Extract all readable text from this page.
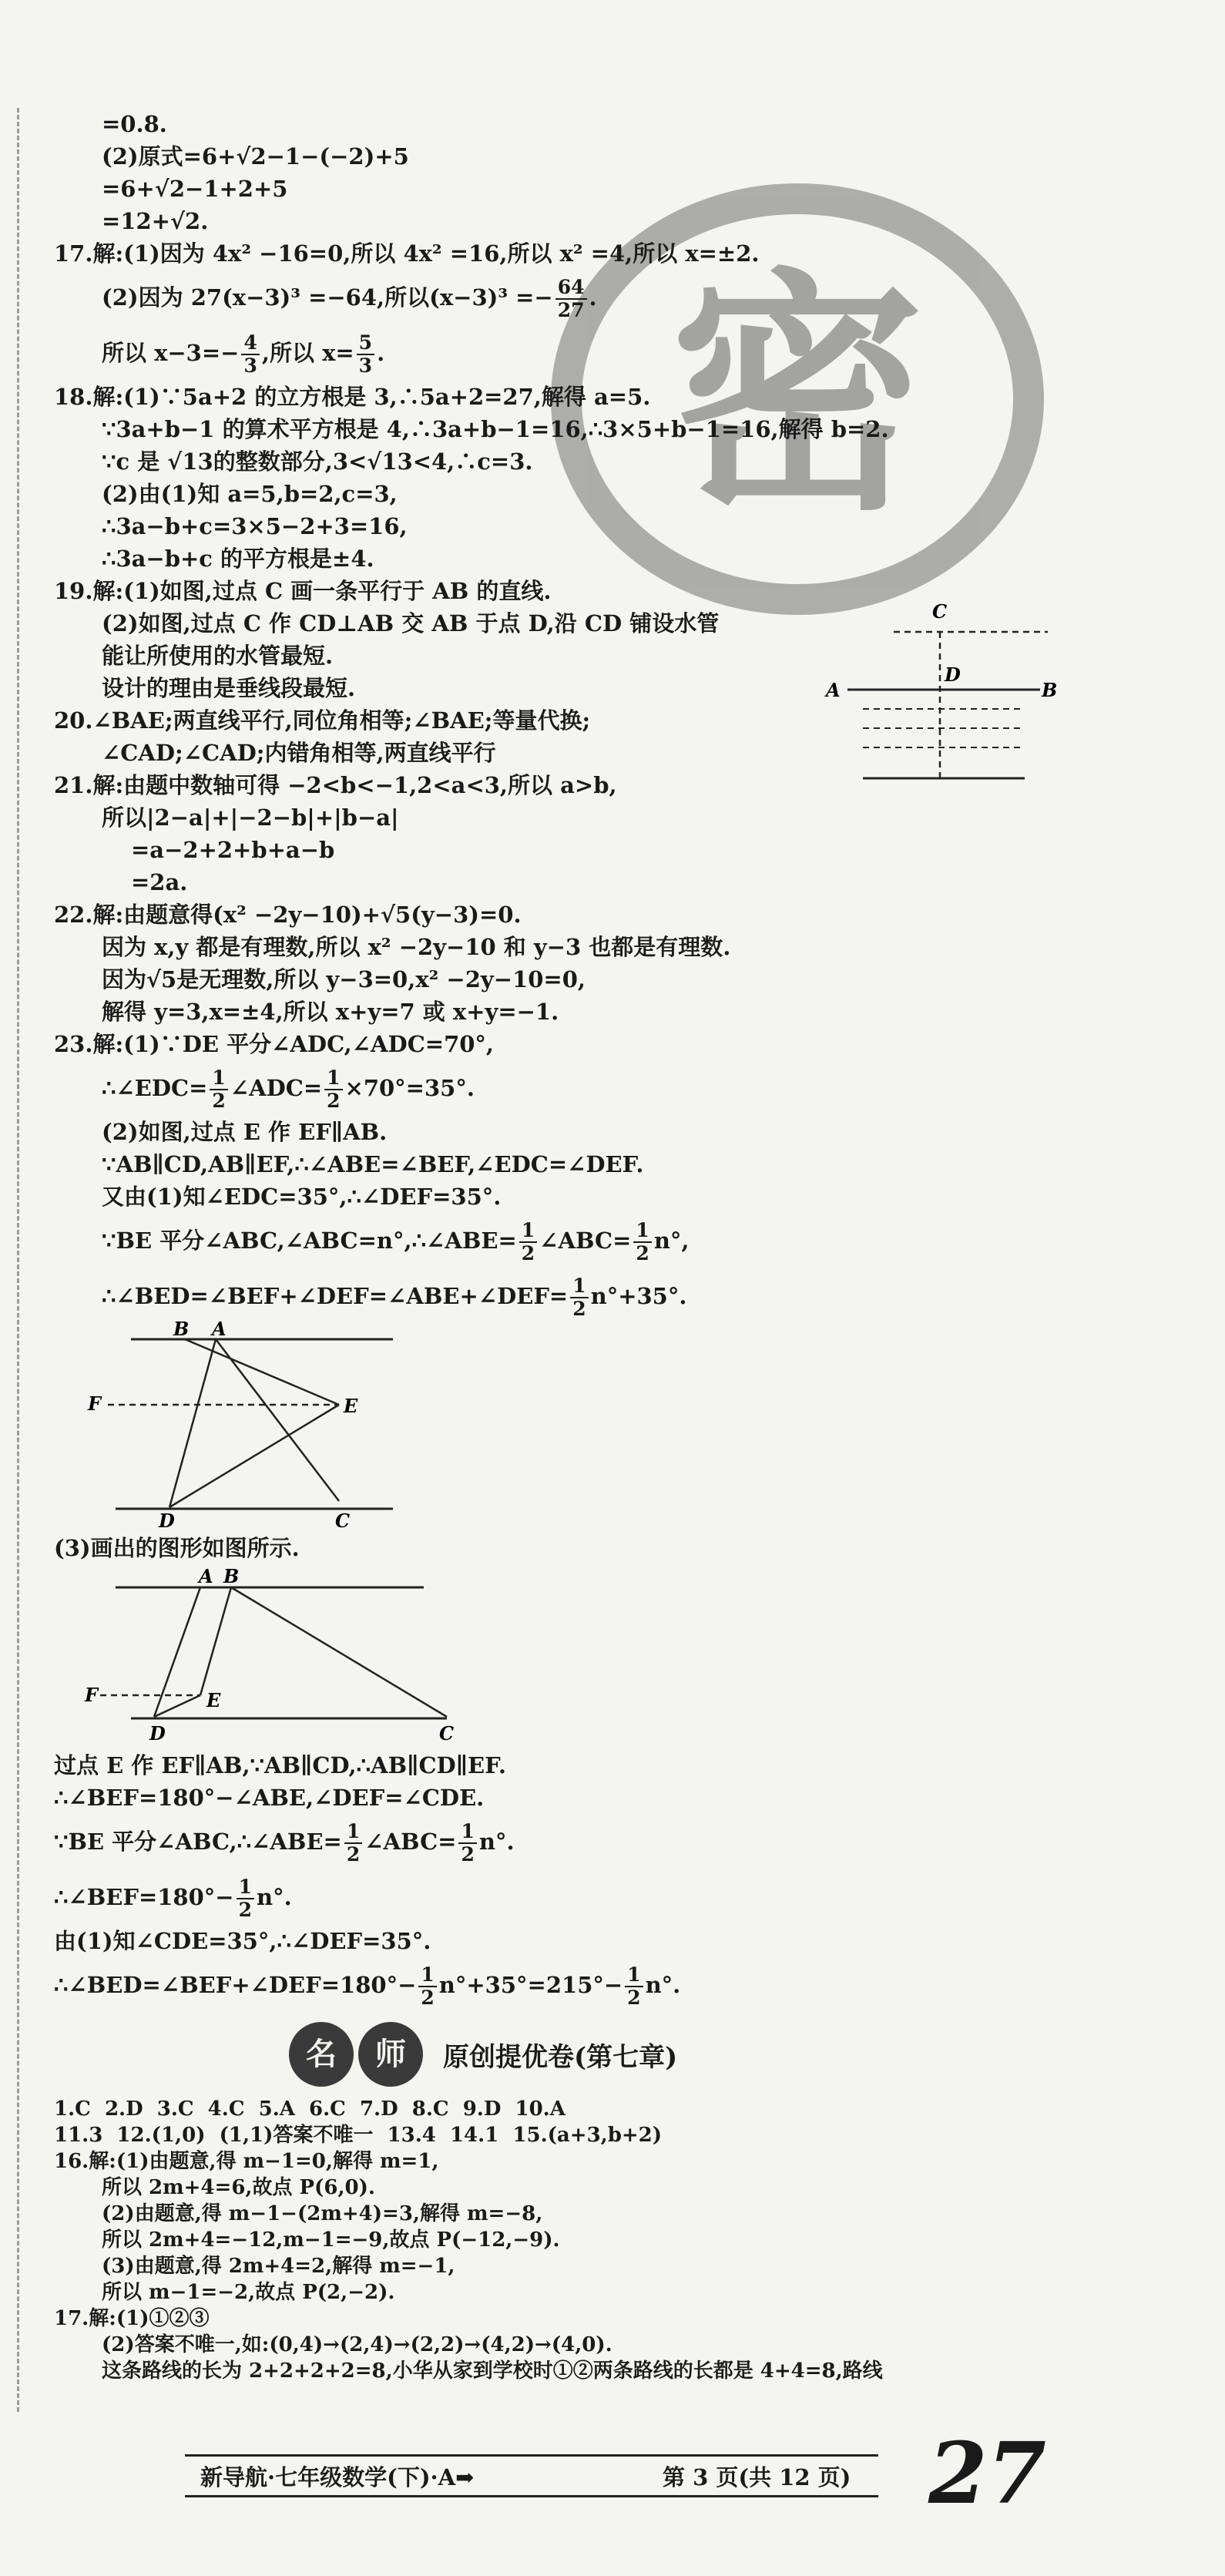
密
=0.8.
(2)原式=6+√2−1−(−2)+5
=6+√2−1+2+5
=12+√2.
17.解:(1)因为 4x² −16=0,所以 4x² =16,所以 x² =4,所以 x=±2.
(2)因为 27(x−3)³ =−64,所以$(x-3)^3 =- \frac{64}{27}$ .
所以 $x-3=- \frac{4}{3}$ ,所以 $x= \frac{5}{3}$ .
18.解:(1)∵5a+2 的立方根是 3,∴5a+2=27,解得 a=5.
∵3a+b−1 的算术平方根是 4,∴3a+b−1=16,∴3×5+b−1=16,解得 b=2.
∵c 是 √13的整数部分,3<√13<4,∴c=3.
(2)由(1)知 a=5,b=2,c=3,
∴3a−b+c=3×5−2+3=16,
∴3a−b+c 的平方根是±4.
19.解:(1)如图,过点 C 画一条平行于 AB 的直线.
(2)如图,过点 C 作 CD⊥AB 交 AB 于点 D,沿 CD 铺设水管
能让所使用的水管最短.
设计的理由是垂线段最短.
20.∠BAE;两直线平行,同位角相等;∠BAE;等量代换;
∠CAD;∠CAD;内错角相等,两直线平行
21.解:由题中数轴可得 −2<b<−1,2<a<3,所以 a>b,
所以|2−a|+|−2−b|+|b−a|
=a−2+2+b+a−b
=2a.
22.解:由题意得(x² −2y−10)+√5(y−3)=0.
因为 x,y 都是有理数,所以 x² −2y−10 和 y−3 也都是有理数.
因为√5是无理数,所以 y−3=0,x² −2y−10=0,
解得 y=3,x=±4,所以 x+y=7 或 x+y=−1.
23.解:(1)∵DE 平分∠ADC,∠ADC=70°,
∴∠EDC= $\frac{1}{2}$ ∠ADC= $\frac{1}{2} \times 70^\circ=35^\circ$.
(2)如图,过点 E 作 EF∥AB.
∵AB∥CD,AB∥EF,∴∠ABE=∠BEF,∠EDC=∠DEF.
又由(1)知∠EDC=35°,∴∠DEF=35°.
∵BE 平分∠ABC,∠ABC=n°,∴∠ABE= $\frac{1}{2}$ ∠ABC= $\frac{1}{2} n^\circ$,
∴∠BED=∠BEF+∠DEF=∠ABE+∠DEF= $\frac{1}{2} n^\circ+35^\circ$.
B A
F	E
D	C
(3)画出的图形如图所示.
A B
F	E
D	C
过点 E 作 EF∥AB,∵AB∥CD,∴AB∥CD∥EF.
∴∠BEF=180°−∠ABE,∠DEF=∠CDE.
∵BE 平分∠ABC,∴∠ABE= $\frac{1}{2}$ ∠ABC= $\frac{1}{2} n^\circ$.
∴∠BEF=180°− $\frac{1}{2} n^\circ$.
由(1)知∠CDE=35°,∴∠DEF=35°.
∴∠BED=∠BEF+∠DEF=180°− $\frac{1}{2} n^\circ+35^\circ=215^\circ- \frac{1}{2} n^\circ$.
C
D
A	B
名	师	原创提优卷(第七章)
1.C  2.D  3.C  4.C  5.A  6.C  7.D  8.C  9.D  10.A
11.3  12.(1,0)  (1,1)答案不唯一  13.4  14.1  15.(a+3,b+2)
16.解:(1)由题意,得 m−1=0,解得 m=1,
所以 2m+4=6,故点 P(6,0).
(2)由题意,得 m−1−(2m+4)=3,解得 m=−8,
所以 2m+4=−12,m−1=−9,故点 P(−12,−9).
(3)由题意,得 2m+4=2,解得 m=−1,
所以 m−1=−2,故点 P(2,−2).
17.解:(1)①②③
(2)答案不唯一,如:(0,4)→(2,4)→(2,2)→(4,2)→(4,0).
这条路线的长为 2+2+2+2=8,小华从家到学校时①②两条路线的长都是 4+4=8,路线
新导航·七年级数学(下)·A➡	第 3 页(共 12 页) 27
